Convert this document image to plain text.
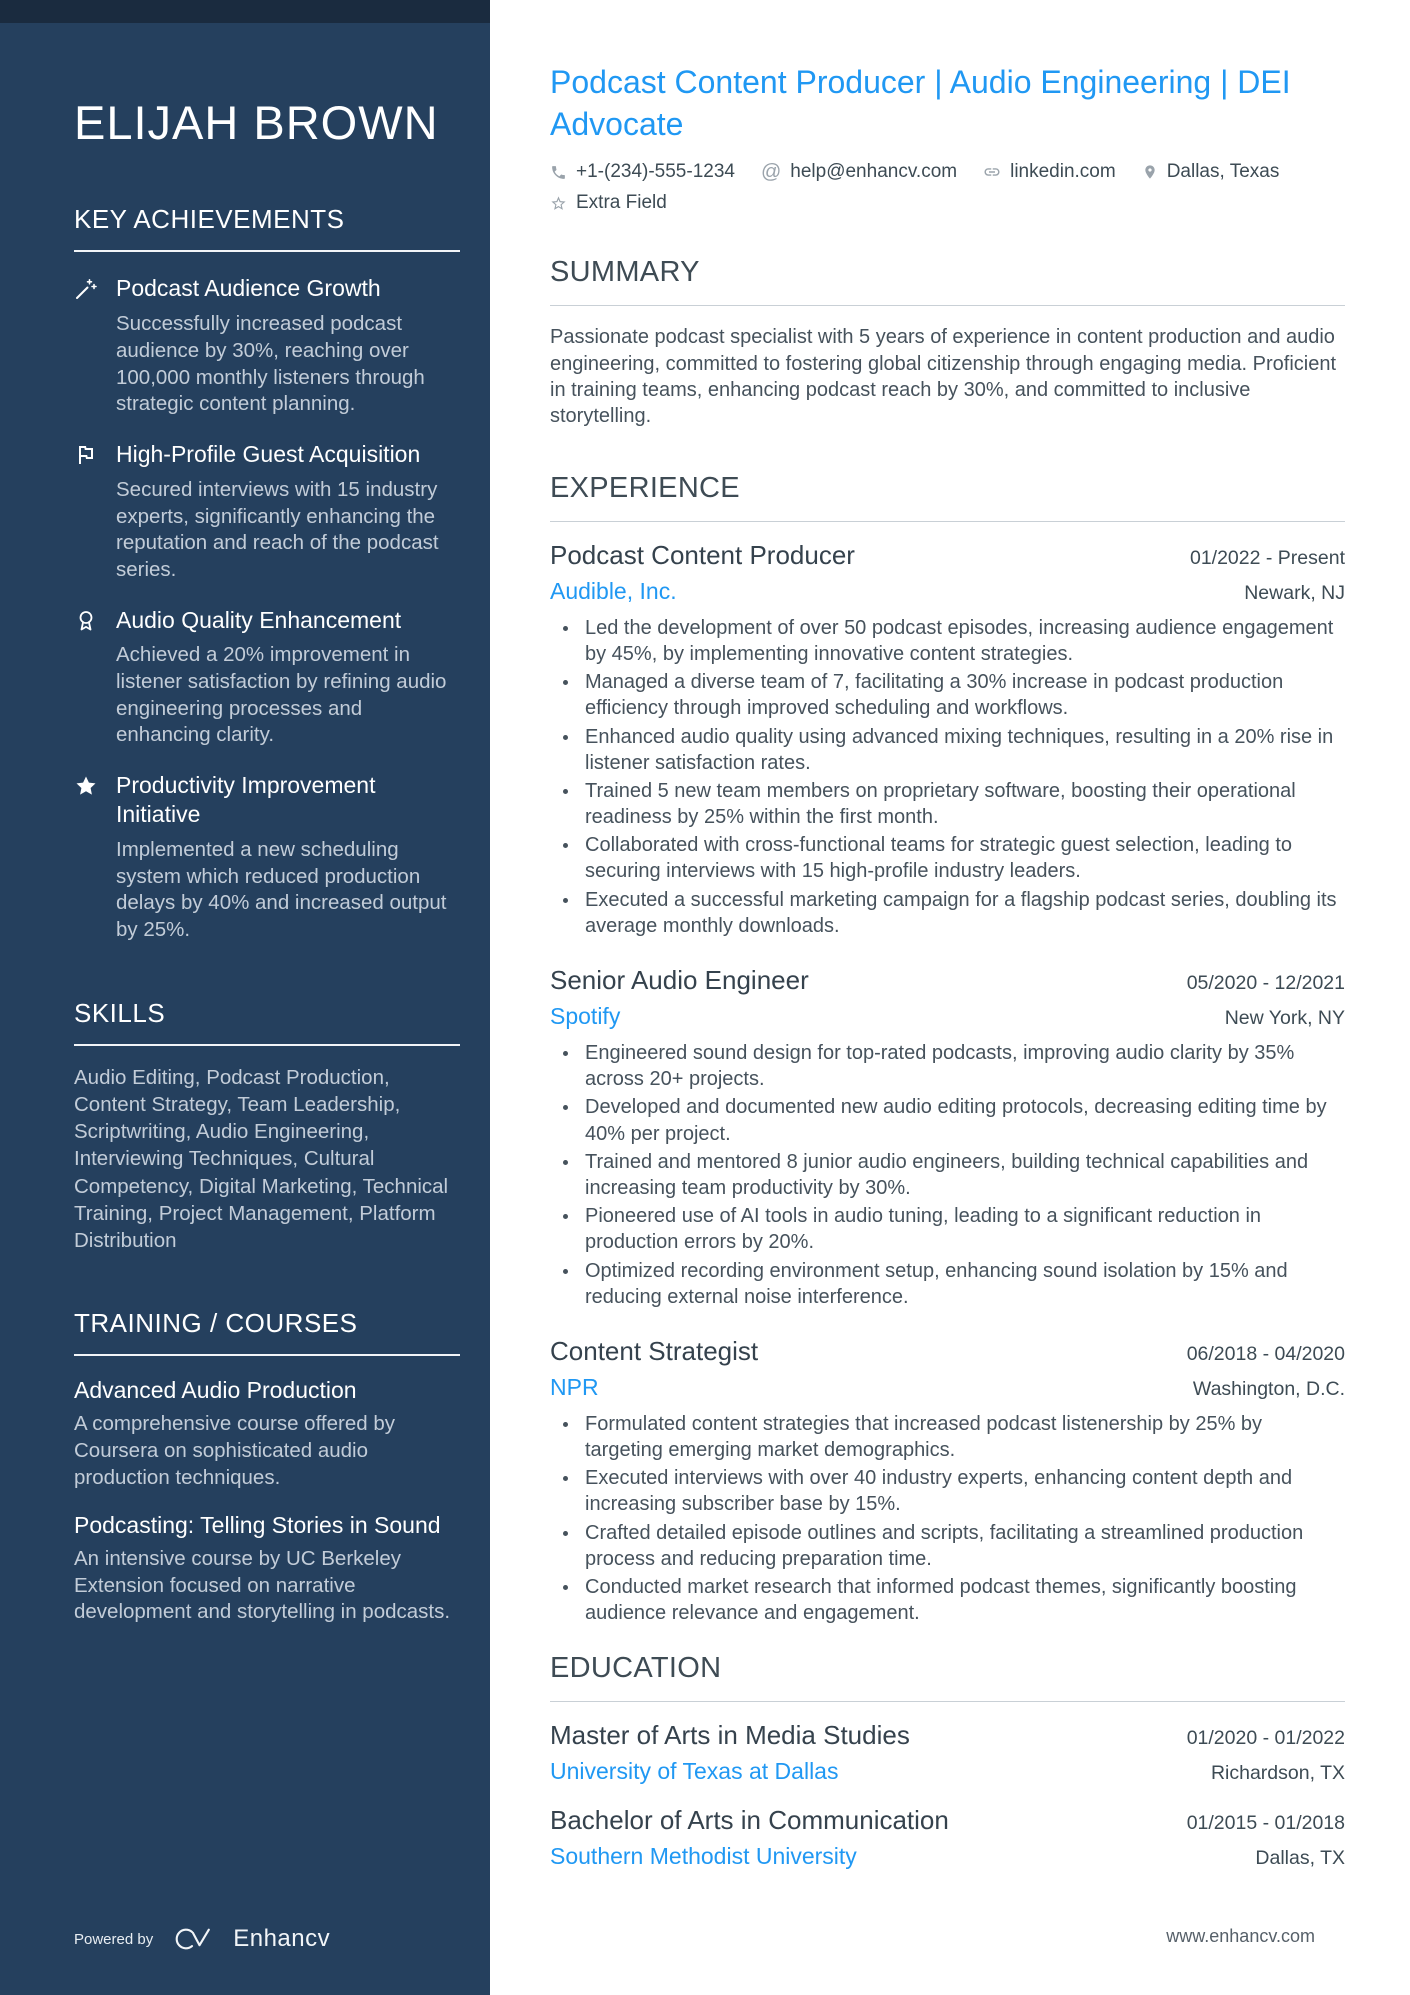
ELIJAH BROWN
KEY ACHIEVEMENTS
Podcast Audience Growth
Successfully increased podcast audience by 30%, reaching over 100,000 monthly listeners through strategic content planning.
High-Profile Guest Acquisition
Secured interviews with 15 industry experts, significantly enhancing the reputation and reach of the podcast series.
Audio Quality Enhancement
Achieved a 20% improvement in listener satisfaction by refining audio engineering processes and enhancing clarity.
Productivity Improvement Initiative
Implemented a new scheduling system which reduced production delays by 40% and increased output by 25%.
SKILLS
Audio Editing, Podcast Production, Content Strategy, Team Leadership, Scriptwriting, Audio Engineering, Interviewing Techniques, Cultural Competency, Digital Marketing, Technical Training, Project Management, Platform Distribution
TRAINING / COURSES
Advanced Audio Production
A comprehensive course offered by Coursera on sophisticated audio production techniques.
Podcasting: Telling Stories in Sound
An intensive course by UC Berkeley Extension focused on narrative development and storytelling in podcasts.
Powered by	Enhancv
Podcast Content Producer | Audio Engineering | DEI Advocate
+1-(234)-555-1234 @ help@enhancv.com	linkedin.com	Dallas, Texas
Extra Field
SUMMARY

Passionate podcast specialist with 5 years of experience in content production and audio engineering, committed to fostering global citizenship through engaging media. Proficient in training teams, enhancing podcast reach by 30%, and committed to inclusive storytelling.

EXPERIENCE
Podcast Content Producer	01/2022 - Present
Audible, Inc.	Newark, NJ
• Led the development of over 50 podcast episodes, increasing audience engagement by 45%, by implementing innovative content strategies.
• Managed a diverse team of 7, facilitating a 30% increase in podcast production efficiency through improved scheduling and workflows.
• Enhanced audio quality using advanced mixing techniques, resulting in a 20% rise in listener satisfaction rates.
• Trained 5 new team members on proprietary software, boosting their operational readiness by 25% within the first month.
• Collaborated with cross-functional teams for strategic guest selection, leading to securing interviews with 15 high-profile industry leaders.
• Executed a successful marketing campaign for a flagship podcast series, doubling its average monthly downloads.
Senior Audio Engineer	05/2020 - 12/2021
Spotify	New York, NY
• Engineered sound design for top-rated podcasts, improving audio clarity by 35% across 20+ projects.
• Developed and documented new audio editing protocols, decreasing editing time by 40% per project.
• Trained and mentored 8 junior audio engineers, building technical capabilities and increasing team productivity by 30%.
• Pioneered use of AI tools in audio tuning, leading to a significant reduction in production errors by 20%.
• Optimized recording environment setup, enhancing sound isolation by 15% and reducing external noise interference.
Content Strategist	06/2018 - 04/2020
NPR	Washington, D.C.
• Formulated content strategies that increased podcast listenership by 25% by targeting emerging market demographics.
• Executed interviews with over 40 industry experts, enhancing content depth and increasing subscriber base by 15%.
• Crafted detailed episode outlines and scripts, facilitating a streamlined production process and reducing preparation time.
• Conducted market research that informed podcast themes, significantly boosting audience relevance and engagement.
EDUCATION
Master of Arts in Media Studies	01/2020 - 01/2022
University of Texas at Dallas	Richardson, TX
Bachelor of Arts in Communication	01/2015 - 01/2018
Southern Methodist University	Dallas, TX
www.enhancv.com
